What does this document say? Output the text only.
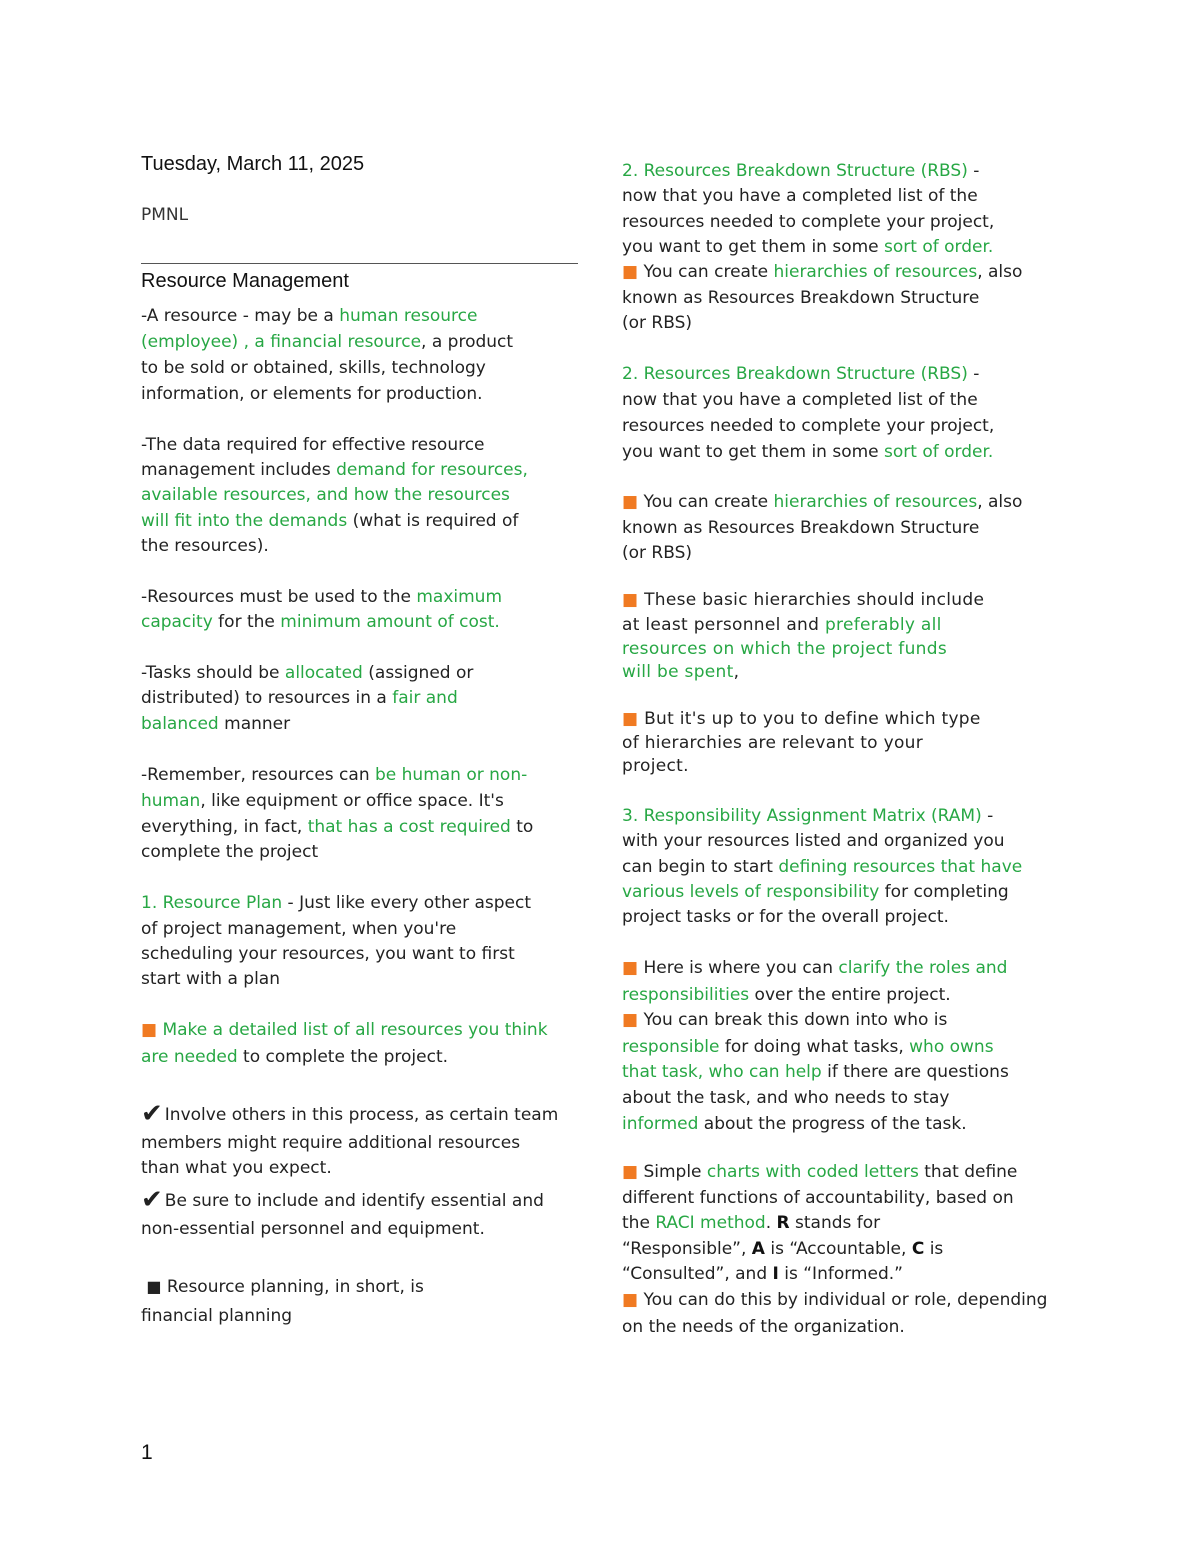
Tuesday, March 11, 2025

PMNL

Resource Management

-A resource - may be a human resource

(employee) , a financial resource, a product

to be sold or obtained, skills, technology

information, or elements for production.

-The data required for effective resource

management includes demand for resources,

available resources, and how the resources

will fit into the demands (what is required of

the resources).

-Resources must be used to the maximum

capacity for the minimum amount of cost.

-Tasks should be allocated (assigned or

distributed) to resources in a fair and

balanced manner

-Remember, resources can be human or non-

human, like equipment or office space. It's

everything, in fact, that has a cost required to

complete the project

1. Resource Plan - Just like every other aspect

of project management, when you're

scheduling your resources, you want to first

start with a plan

■ Make a detailed list of all resources you think

are needed to complete the project.

✔ Involve others in this process, as certain team

members might require additional resources

than what you expect.

✔ Be sure to include and identify essential and

non-essential personnel and equipment.

■ Resource planning, in short, is

financial planning

2. Resources Breakdown Structure (RBS) -

now that you have a completed list of the

resources needed to complete your project,

you want to get them in some sort of order.

■ You can create hierarchies of resources, also

known as Resources Breakdown Structure

(or RBS)

2. Resources Breakdown Structure (RBS) -

now that you have a completed list of the

resources needed to complete your project,

you want to get them in some sort of order.

■ You can create hierarchies of resources, also

known as Resources Breakdown Structure

(or RBS)

■ These basic hierarchies should include

at least personnel and preferably all

resources on which the project funds

will be spent,

■ But it's up to you to define which type

of hierarchies are relevant to your

project.

3. Responsibility Assignment Matrix (RAM) -

with your resources listed and organized you

can begin to start defining resources that have

various levels of responsibility for completing

project tasks or for the overall project.

■ Here is where you can clarify the roles and

responsibilities over the entire project.

■ You can break this down into who is

responsible for doing what tasks, who owns

that task, who can help if there are questions

about the task, and who needs to stay

informed about the progress of the task.

■ Simple charts with coded letters that define

different functions of accountability, based on

the RACI method. R stands for

“Responsible”, A is “Accountable, C is

“Consulted”, and I is “Informed.”

■ You can do this by individual or role, depending

on the needs of the organization.

1
